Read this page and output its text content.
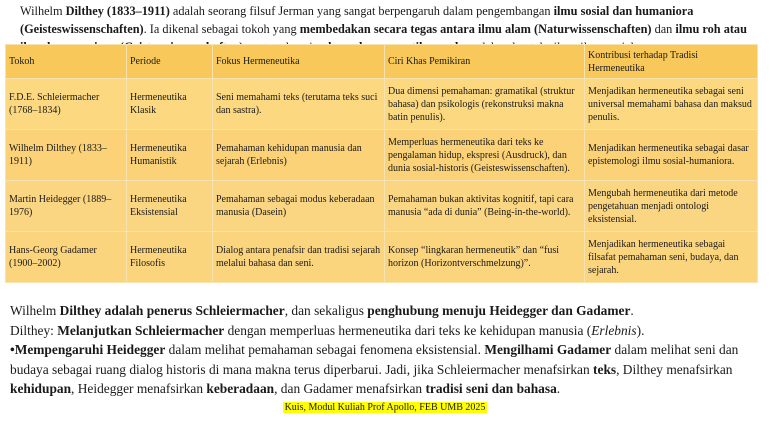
Wilhelm Dilthey (1833–1911) adalah seorang filsuf Jerman yang sangat berpengaruh dalam pengembangan ilmu sosial dan humaniora (Geisteswissenschaften). Ia dikenal sebagai tokoh yang membedakan secara tegas antara ilmu alam (Naturwissenschaften) dan ilmu roh atau
Tokoh	Periode	Fokus Hermeneutika	Ciri Khas Pemikiran	Kontribusi terhadap Tradisi Hermeneutika
F.D.E. Schleiermacher (1768–1834)	Hermeneutika Klasik	Seni memahami teks (terutama teks suci dan sastra).	Dua dimensi pemahaman: gramatikal (struktur bahasa) dan psikologis (rekonstruksi makna batin penulis).	Menjadikan hermeneutika sebagai seni universal memahami bahasa dan maksud penulis.
Wilhelm Dilthey (1833–1911)	Hermeneutika Humanistik	Pemahaman kehidupan manusia dan sejarah (Erlebnis)	Memperluas hermeneutika dari teks ke pengalaman hidup, ekspresi (Ausdruck), dan dunia sosial-historis (Geisteswissenschaften).	Menjadikan hermeneutika sebagai dasar epistemologi ilmu sosial-humaniora.
Martin Heidegger (1889–1976)	Hermeneutika Eksistensial	Pemahaman sebagai modus keberadaan manusia (Dasein)	Pemahaman bukan aktivitas kognitif, tapi cara manusia “ada di dunia” (Being-in-the-world).	Mengubah hermeneutika dari metode pengetahuan menjadi ontologi eksistensial.
Hans-Georg Gadamer (1900–2002)	Hermeneutika Filosofis	Dialog antara penafsir dan tradisi sejarah melalui bahasa dan seni.	Konsep “lingkaran hermeneutik” dan “fusi horizon (Horizontverschmelzung)”.	Menjadikan hermeneutika sebagai filsafat pemahaman seni, budaya, dan sejarah.

Wilhelm Dilthey adalah penerus Schleiermacher, dan sekaligus penghubung menuju Heidegger dan Gadamer.

Dilthey: Melanjutkan Schleiermacher dengan memperluas hermeneutika dari teks ke kehidupan manusia (Erlebnis).

•Mempengaruhi Heidegger dalam melihat pemahaman sebagai fenomena eksistensial. Mengilhami Gadamer dalam melihat seni dan budaya sebagai ruang dialog historis di mana makna terus diperbarui. Jadi, jika Schleiermacher menafsirkan teks, Dilthey menafsirkan kehidupan, Heidegger menafsirkan keberadaan, dan Gadamer menafsirkan tradisi seni dan bahasa.

Kuis, Modul Kuliah Prof Apollo, FEB UMB 2025
